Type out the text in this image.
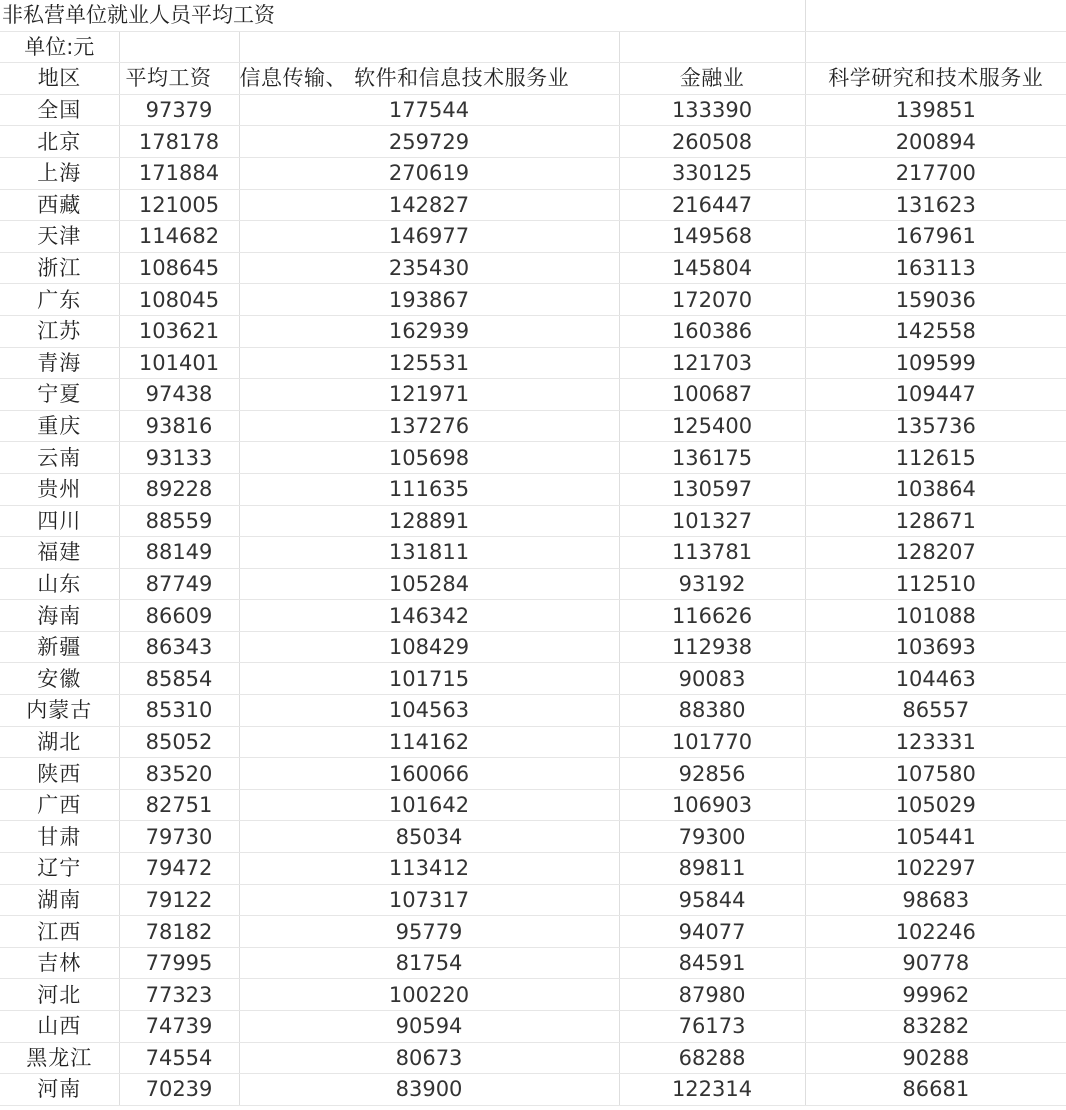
非私营单位就业人员平均工资				
单位:元				
地区	平均工资	信息传输、 软件和信息技术服务业	金融业	科学研究和技术服务业
全国	97379	177544	133390	139851
北京	178178	259729	260508	200894
上海	171884	270619	330125	217700
西藏	121005	142827	216447	131623
天津	114682	146977	149568	167961
浙江	108645	235430	145804	163113
广东	108045	193867	172070	159036
江苏	103621	162939	160386	142558
青海	101401	125531	121703	109599
宁夏	97438	121971	100687	109447
重庆	93816	137276	125400	135736
云南	93133	105698	136175	112615
贵州	89228	111635	130597	103864
四川	88559	128891	101327	128671
福建	88149	131811	113781	128207
山东	87749	105284	93192	112510
海南	86609	146342	116626	101088
新疆	86343	108429	112938	103693
安徽	85854	101715	90083	104463
内蒙古	85310	104563	88380	86557
湖北	85052	114162	101770	123331
陕西	83520	160066	92856	107580
广西	82751	101642	106903	105029
甘肃	79730	85034	79300	105441
辽宁	79472	113412	89811	102297
湖南	79122	107317	95844	98683
江西	78182	95779	94077	102246
吉林	77995	81754	84591	90778
河北	77323	100220	87980	99962
山西	74739	90594	76173	83282
黑龙江	74554	80673	68288	90288
河南	70239	83900	122314	86681
